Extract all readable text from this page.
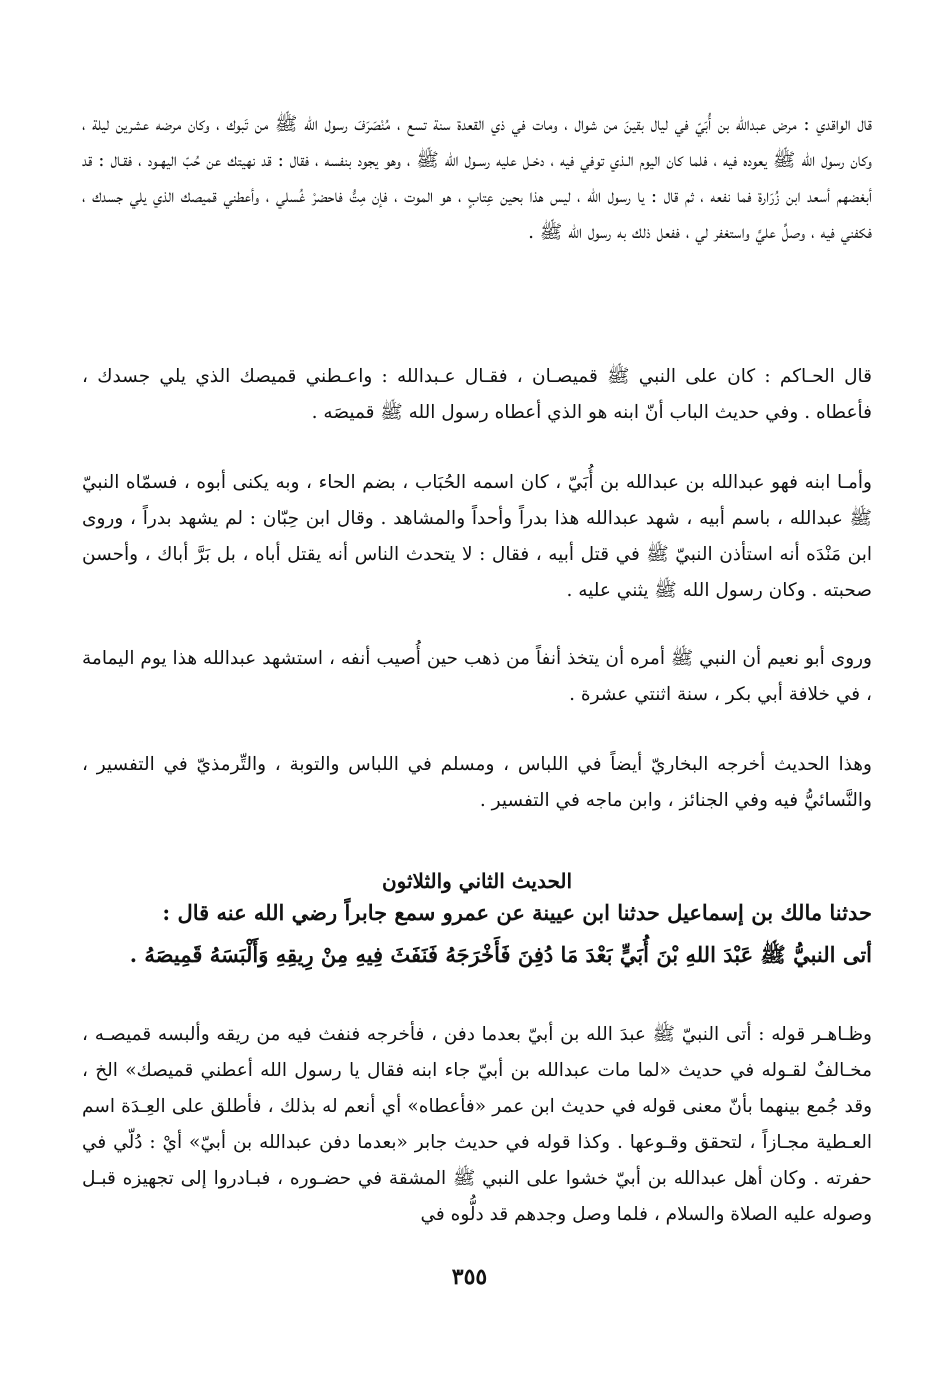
قال الواقدي : مرض عبدالله بن أُبَيّ في ليال بقينَ من شوال ، ومات في ذي القعدة سنة تسع ، مُنْصَرَفَ رسول الله ﷺ من تَبوك ، وكان مرضه عشرين ليلة ، وكان رسول الله ﷺ يعوده فيه ، فلما كان اليوم الـذي توفي فيه ، دخـل عليه رسـول الله ﷺ ، وهو يجود بنفسه ، فقال : قد نهيتك عن حُبّ اليهـود ، فقـال : قد أبغضهم أسعد ابن زُرَارة فما نفعه ، ثم قال : يا رسول الله ، ليس هذا بحين عِتابٍ ، هو الموت ، فإن مِتُّ فاحضرْ غُسلي ، وأعطني قميصك الذي يلي جسدك ، فكفني فيه ، وصلِّ عليَّ واستغفر لي ، ففعل ذلك به رسول الله ﷺ .

قال الحـاكم : كان على النبي ﷺ قميصـان ، فقـال عـبدالله : واعـطني قميصك الذي يلي جسدك ، فأعطاه . وفي حديث الباب أنّ ابنه هو الذي أعطاه رسول الله ﷺ قميصَه .

وأمـا ابنه فهو عبدالله بن عبدالله بن أُبَيّ ، كان اسمه الحُبَاب ، بضم الحاء ، وبه يكنى أبوه ، فسمّاه النبيّ ﷺ عبدالله ، باسم أبيه ، شهد عبدالله هذا بدراً وأحداً والمشاهد . وقال ابن حِبّان : لم يشهد بدراً ، وروى ابن مَنْدَه أنه استأذن النبيّ ﷺ في قتل أبيه ، فقال : لا يتحدث الناس أنه يقتل أباه ، بل بَرَّ أباك ، وأحسن صحبته . وكان رسول الله ﷺ يثني عليه .

وروى أبو نعيم أن النبي ﷺ أمره أن يتخذ أنفاً من ذهب حين أُصيب أنفه ، استشهد عبدالله هذا يوم اليمامة ، في خلافة أبي بكر ، سنة اثنتي عشرة .

وهذا الحديث أخرجه البخاريّ أيضاً في اللباس ، ومسلم في اللباس والتوبة ، والتِّرمذيّ في التفسير ، والنَّسائيُّ فيه وفي الجنائز ، وابن ماجه في التفسير .

الحديث الثاني والثلاثون
حدثنا مالك بن إسماعيل حدثنا ابن عيينة عن عمرو سمع جابراً رضي الله عنه قال :
أتى النبيُّ ﷺ عَبْدَ اللهِ بْنَ أُبَيٍّ بَعْدَ مَا دُفِنَ فَأَخْرَجَهُ فَنَفَثَ فِيهِ مِنْ رِيقِهِ وَأَلْبَسَهُ قَمِيصَهُ .

وظـاهـر قوله : أتى النبيّ ﷺ عبدَ الله بن أبيّ بعدما دفن ، فأخرجه فنفث فيه من ريقه وألبسه قميصـه ، مخـالفٌ لقـوله في حديث «لما مات عبدالله بن أبيّ جاء ابنه فقال يا رسول الله أعطني قميصك» الخ ، وقد جُمع بينهما بأنّ معنى قوله في حديث ابن عمر «فأعطاه» أي أنعم له بذلك ، فأطلق على العِـدَة اسم العـطية مجـازاً ، لتحقق وقـوعها . وكذا قوله في حديث جابر «بعدما دفن عبدالله بن أبيّ» أيْ : دُلّي في حفرته . وكان أهل عبدالله بن أبيّ خشوا على النبي ﷺ المشقة في حضـوره ، فبـادروا إلى تجهيزه قبـل وصوله عليه الصلاة والسلام ، فلما وصل وجدهم قد دلُّوه في

٣٥٥
